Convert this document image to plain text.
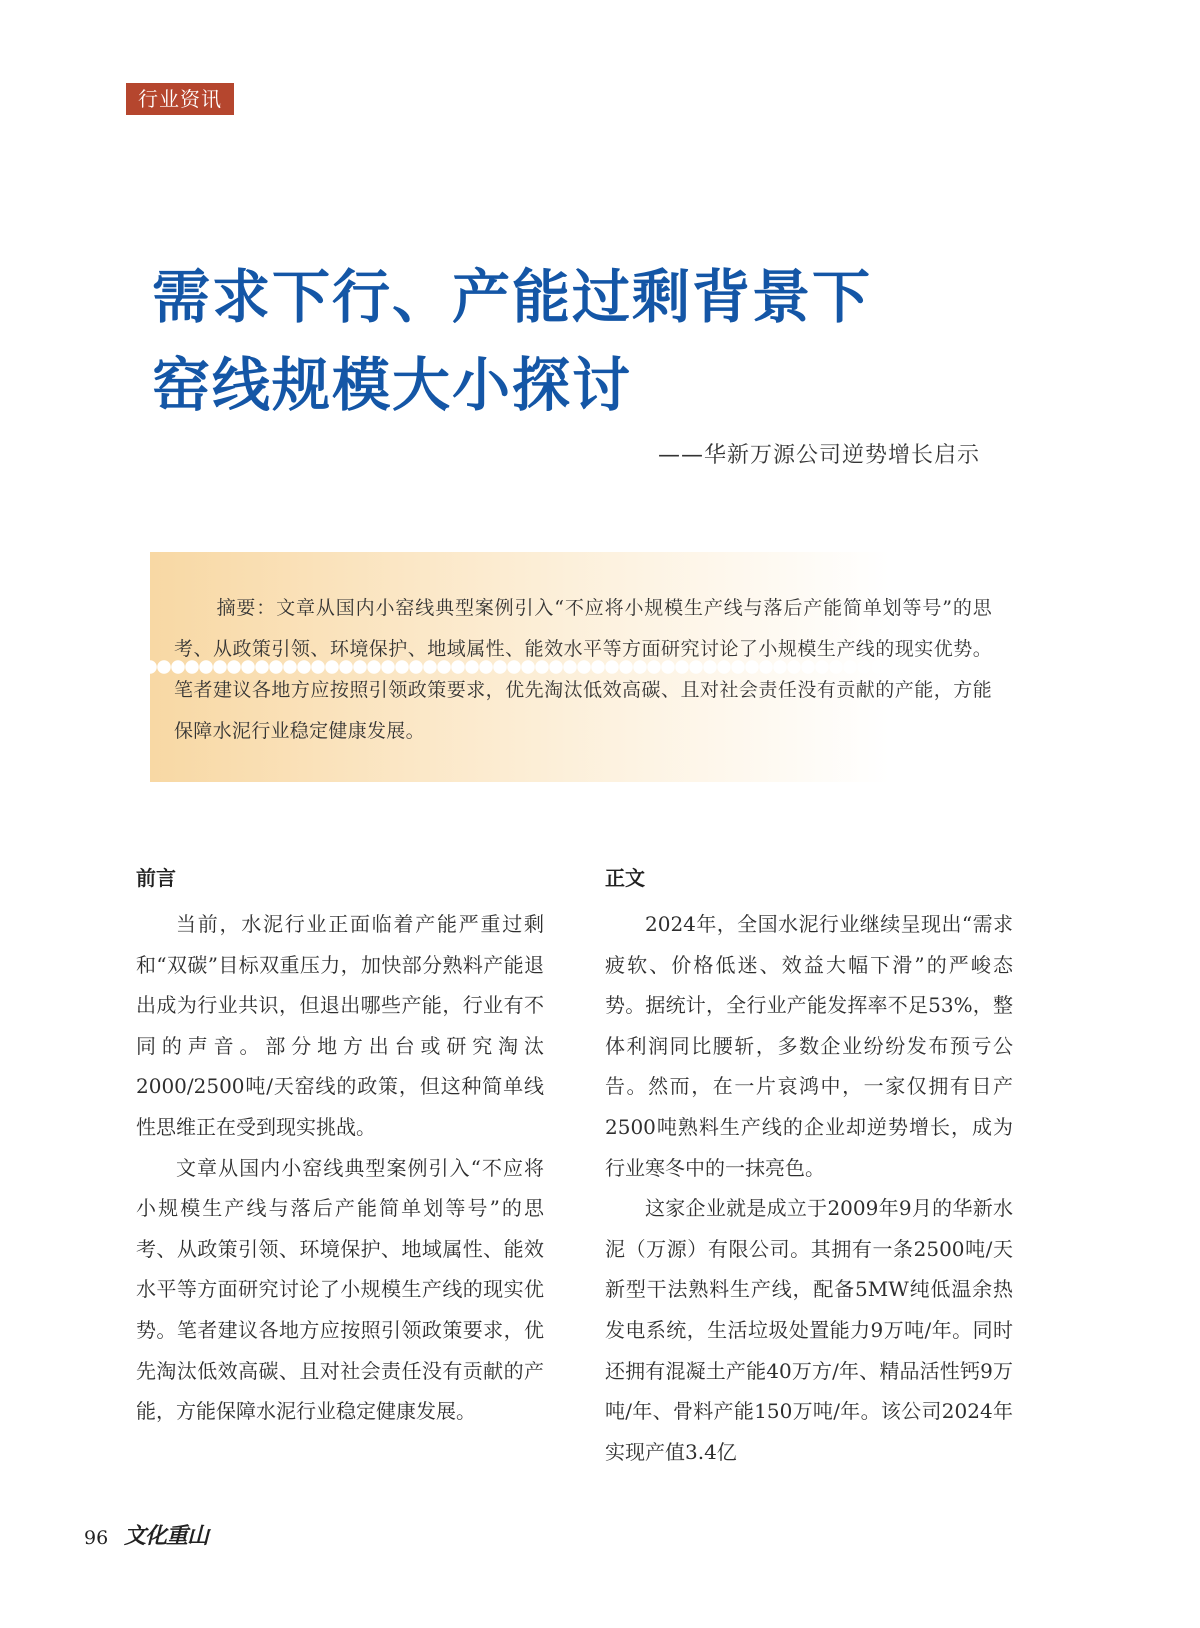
行业资讯
需求下行、产能过剩背景下
窑线规模大小探讨
——华新万源公司逆势增长启示
摘要：文章从国内小窑线典型案例引入“不应将小规模生产线与落后产能简单划等号”的思考、从政策引领、环境保护、地域属性、能效水平等方面研究讨论了小规模生产线的现实优势。笔者建议各地方应按照引领政策要求，优先淘汰低效高碳、且对社会责任没有贡献的产能，方能保障水泥行业稳定健康发展。
前言

当前，水泥行业正面临着产能严重过剩和“双碳”目标双重压力，加快部分熟料产能退出成为行业共识，但退出哪些产能，行业有不同的声音。部分地方出台或研究淘汰2000/2500吨/天窑线的政策，但这种简单线性思维正在受到现实挑战。

文章从国内小窑线典型案例引入“不应将小规模生产线与落后产能简单划等号”的思考、从政策引领、环境保护、地域属性、能效水平等方面研究讨论了小规模生产线的现实优势。笔者建议各地方应按照引领政策要求，优先淘汰低效高碳、且对社会责任没有贡献的产能，方能保障水泥行业稳定健康发展。

正文

2024年，全国水泥行业继续呈现出“需求疲软、价格低迷、效益大幅下滑”的严峻态势。据统计，全行业产能发挥率不足53%，整体利润同比腰斩，多数企业纷纷发布预亏公告。然而，在一片哀鸿中，一家仅拥有日产2500吨熟料生产线的企业却逆势增长，成为行业寒冬中的一抹亮色。

这家企业就是成立于2009年9月的华新水泥（万源）有限公司。其拥有一条2500吨/天新型干法熟料生产线，配备5MW纯低温余热发电系统，生活垃圾处置能力9万吨/年。同时还拥有混凝土产能40万方/年、精品活性钙9万吨/年、骨料产能150万吨/年。该公司2024年实现产值3.4亿

96 文化重山
